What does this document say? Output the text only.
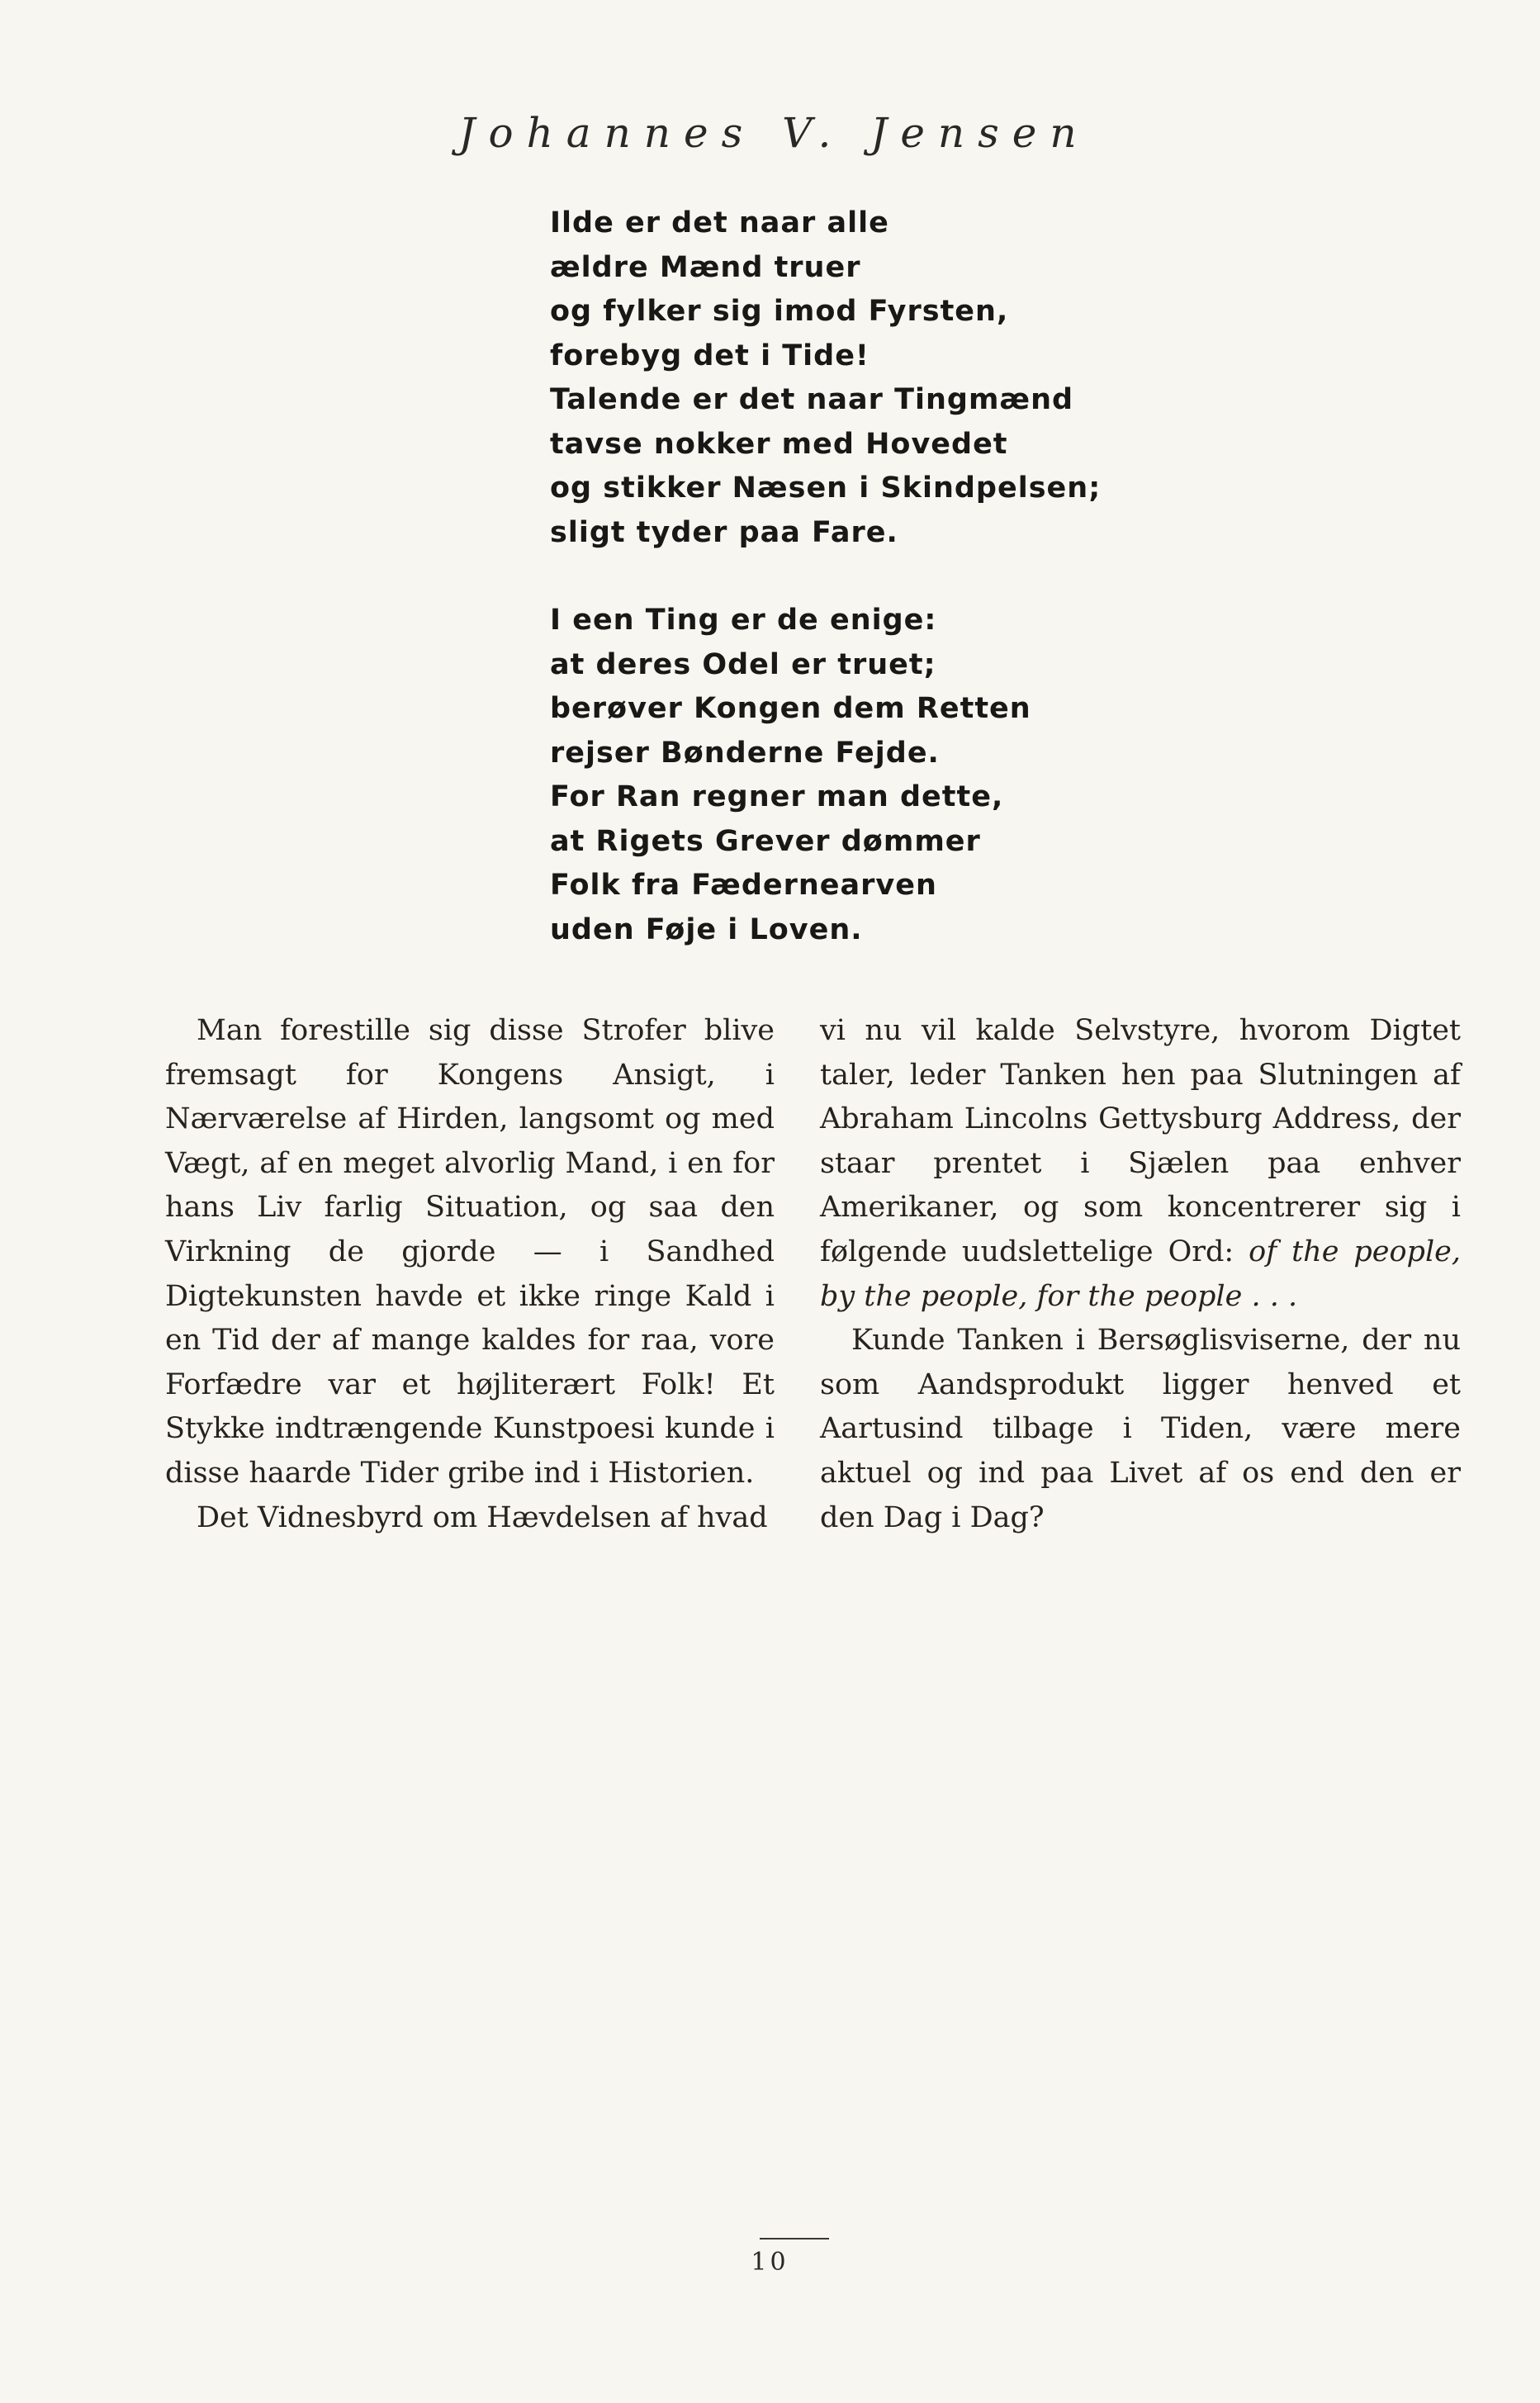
Johannes V. Jensen
Ilde er det naar alle
ældre Mænd truer
og fylker sig imod Fyrsten,
forebyg det i Tide!
Talende er det naar Tingmænd
tavse nokker med Hovedet
og stikker Næsen i Skindpelsen;
sligt tyder paa Fare.
I een Ting er de enige:
at deres Odel er truet;
berøver Kongen dem Retten
rejser Bønderne Fejde.
For Ran regner man dette,
at Rigets Grever dømmer
Folk fra Fædernearven
uden Føje i Loven.

Man forestille sig disse Strofer blive fremsagt for Kongens Ansigt, i Nærværelse af Hirden, langsomt og med Vægt, af en meget alvorlig Mand, i en for hans Liv farlig Situation, og saa den Virkning de gjorde — i Sandhed Digtekunsten havde et ikke ringe Kald i en Tid der af mange kaldes for raa, vore Forfædre var et højliterært Folk! Et Stykke indtrængende Kunstpoesi kunde i disse haarde Tider gribe ind i Historien.

Det Vidnesbyrd om Hævdelsen af hvad

vi nu vil kalde Selvstyre, hvorom Digtet taler, leder Tanken hen paa Slutningen af Abraham Lincolns Gettysburg Address, der staar prentet i Sjælen paa enhver Amerikaner, og som koncentrerer sig i følgende uudslettelige Ord: of the people, by the people, for the people . . .

Kunde Tanken i Bersøglisviserne, der nu som Aandsprodukt ligger henved et Aartusind tilbage i Tiden, være mere aktuel og ind paa Livet af os end den er den Dag i Dag?

10
